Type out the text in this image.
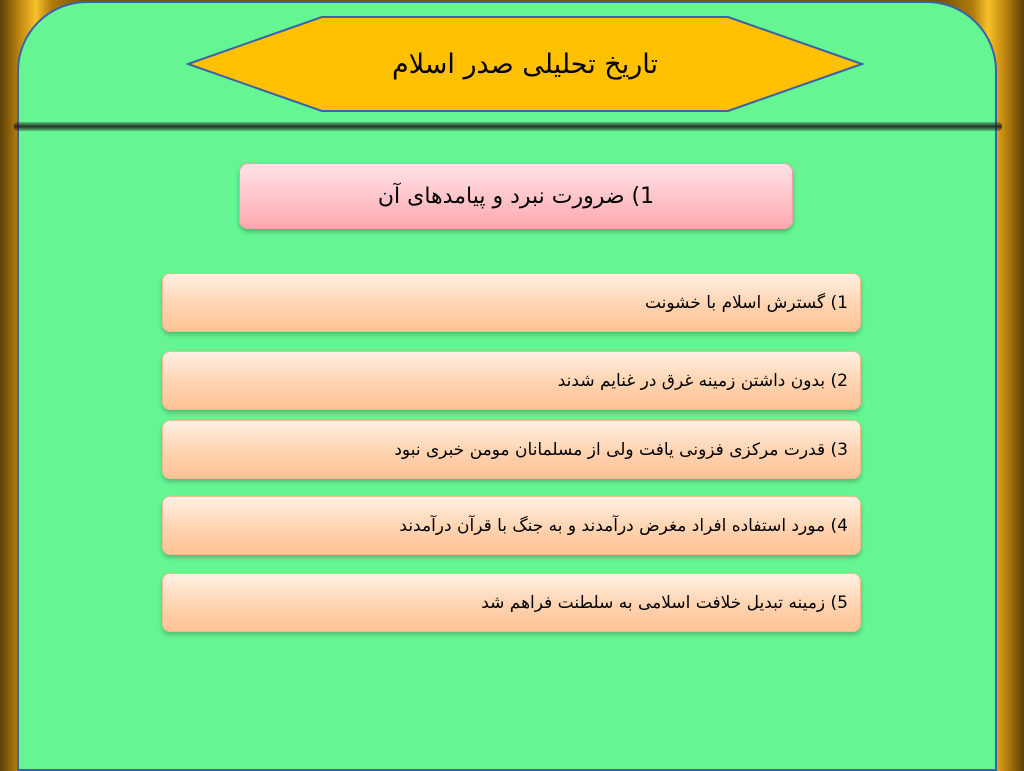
تاریخ تحلیلی صدر اسلام
1) ضرورت نبرد و پیامدهای آن
1) گسترش اسلام با خشونت
2) بدون داشتن زمینه غرق در غنایم شدند
3) قدرت مرکزی فزونی یافت ولی از مسلمانان مومن خبری نبود
4) مورد استفاده افراد مغرض درآمدند و به جنگ با قرآن درآمدند
5) زمینه تبدیل خلافت اسلامی به سلطنت فراهم شد
